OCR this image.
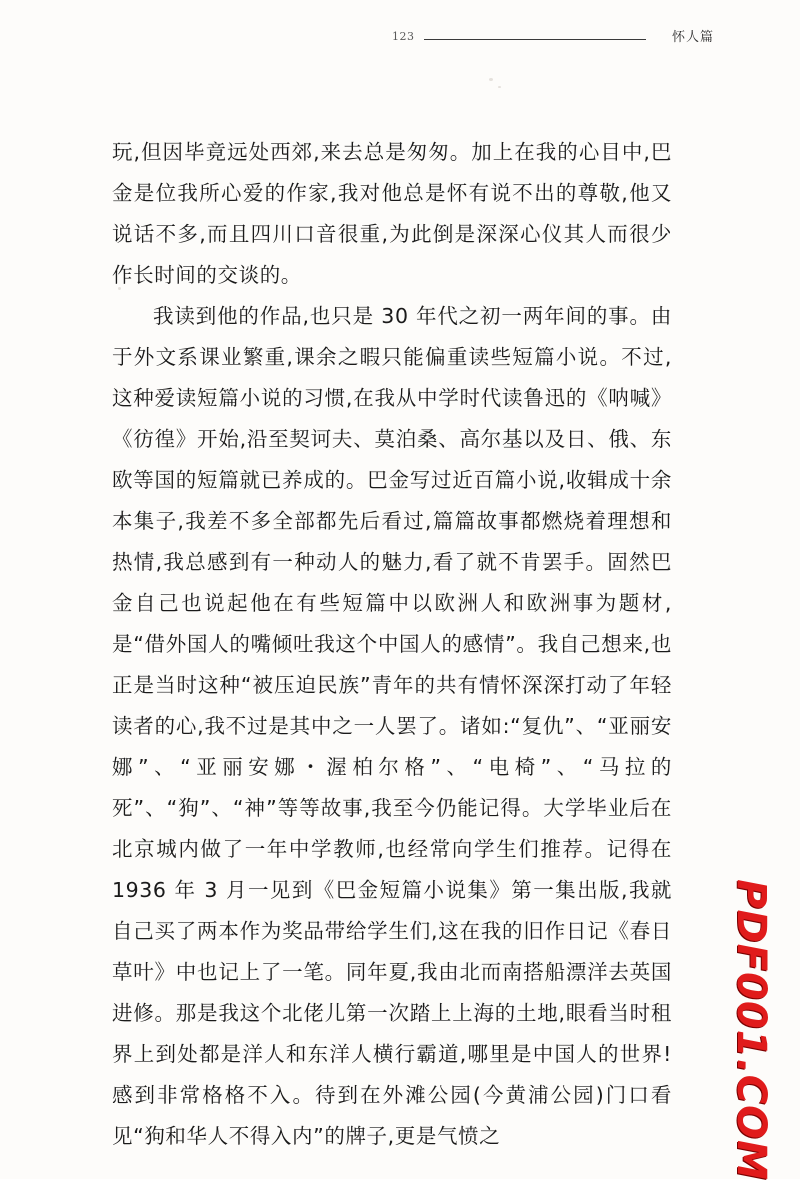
123	怀人篇

玩,但因毕竟远处西郊,来去总是匆匆。加上在我的心目中,巴金是位我所心爱的作家,我对他总是怀有说不出的尊敬,他又说话不多,而且四川口音很重,为此倒是深深心仪其人而很少作长时间的交谈的。

我读到他的作品,也只是 30 年代之初一两年间的事。由于外文系课业繁重,课余之暇只能偏重读些短篇小说。不过,这种爱读短篇小说的习惯,在我从中学时代读鲁迅的《呐喊》《彷徨》开始,沿至契诃夫、莫泊桑、高尔基以及日、俄、东欧等国的短篇就已养成的。巴金写过近百篇小说,收辑成十余本集子,我差不多全部都先后看过,篇篇故事都燃烧着理想和热情,我总感到有一种动人的魅力,看了就不肯罢手。固然巴金自己也说起他在有些短篇中以欧洲人和欧洲事为题材,是“借外国人的嘴倾吐我这个中国人的感情”。我自己想来,也正是当时这种“被压迫民族”青年的共有情怀深深打动了年轻读者的心,我不过是其中之一人罢了。诸如:“复仇”、“亚丽安娜”、“亚丽安娜・渥柏尔格”、“电椅”、“马拉的死”、“狗”、“神”等等故事,我至今仍能记得。大学毕业后在北京城内做了一年中学教师,也经常向学生们推荐。记得在 1936 年 3 月一见到《巴金短篇小说集》第一集出版,我就自己买了两本作为奖品带给学生们,这在我的旧作日记《春日草叶》中也记上了一笔。同年夏,我由北而南搭船漂洋去英国进修。那是我这个北佬儿第一次踏上上海的土地,眼看当时租界上到处都是洋人和东洋人横行霸道,哪里是中国人的世界! 感到非常格格不入。待到在外滩公园(今黄浦公园)门口看见“狗和华人不得入内”的牌子,更是气愤之	PDF001.COM
